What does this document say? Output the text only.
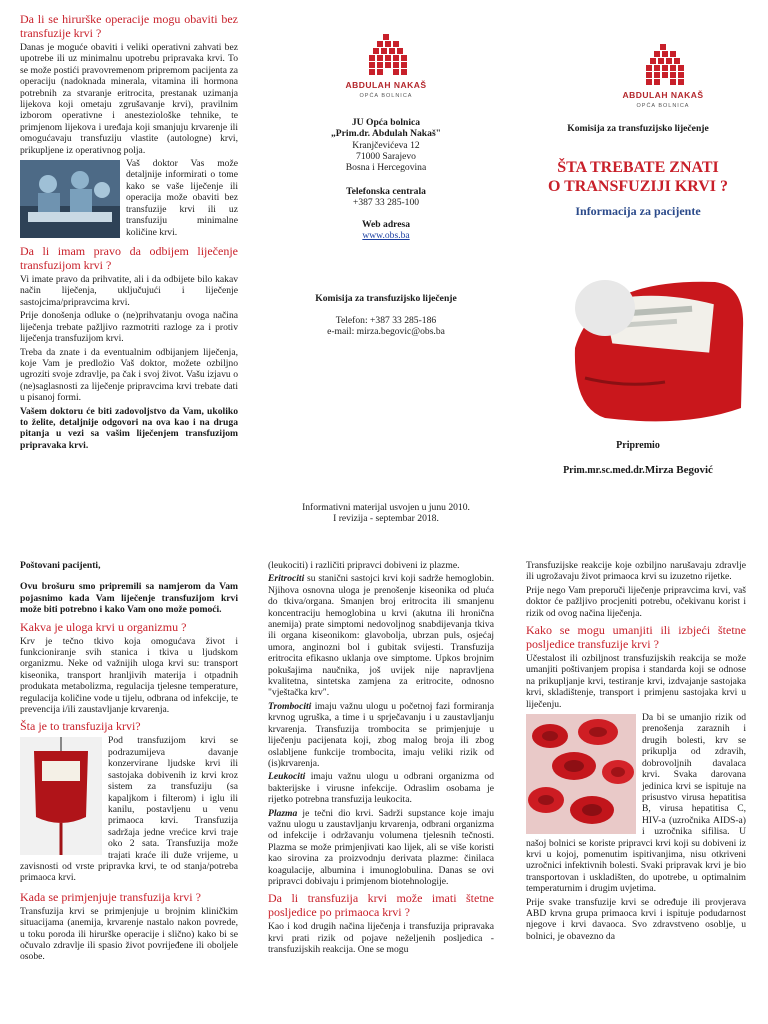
Da li se hirurške operacije mogu obaviti bez transfuzije krvi ?

Danas je moguće obaviti i veliki operativni zahvati bez upotrebe ili uz minimalnu upotrebu pripravaka krvi. To se može postići pravovremenom pripremom pacijenta za operaciju (nadoknada minerala, vitamina ili hormona potrebnih za stvaranje eritrocita, prestanak uzimanja lijekova koji ometaju zgrušavanje krvi), pravilnim izborom operativne i anesteziološke tehnike, te primjenom lijekova i uređaja koji smanjuju krvarenje ili omogućavaju transfuziju vlastite (autologne) krvi, prikupljene iz operativnog polja.

Vaš doktor Vas može detaljnije informirati o tome kako se vaše liječenje ili operacija može obaviti bez transfuzije krvi ili uz transfuziju minimalne količine krvi.

Da li imam pravo da odbijem liječenje transfuzijom krvi ?

Vi imate pravo da prihvatite, ali i da odbijete bilo kakav način liječenja, uključujući i liječenje sastojcima/pripravcima krvi.

Prije donošenja odluke o (ne)prihvatanju ovoga načina liječenja trebate pažljivo razmotriti razloge za i protiv liječenja transfuzijom krvi.

Treba da znate i da eventualnim odbijanjem liječenja, koje Vam je predložio Vaš doktor, možete ozbiljno ugroziti svoje zdravlje, pa čak i svoj život. Vašu izjavu o (ne)saglasnosti za liječenje pripravcima krvi trebate dati u pisanoj formi.

Vašem doktoru će biti zadovoljstvo da Vam, ukoliko to želite, detaljnije odgovori na ova kao i na druga pitanja u vezi sa vašim liječenjem transfuzijom pripravaka krvi.

ABDULAH NAKAŠ
OPĆA BOLNICA
JU Opća bolnica
„Prim.dr. Abdulah Nakaš"
Kranjčevićeva 12
71000 Sarajevo
Bosna i Hercegovina
Telefonska centrala
+387 33 285-100
Web adresa
www.obs.ba
Komisija za transfuzijsko liječenje
Telefon: +387 33 285-186
e-mail: mirza.begovic@obs.ba
Informativni materijal usvojen u junu 2010.
I revizija - septembar 2018.
ABDULAH NAKAŠ
OPĆA BOLNICA
Komisija za transfuzijsko liječenje
ŠTA TREBATE ZNATI
O TRANSFUZIJI KRVI ?
Informacija za pacijente
Pripremio
Prim.mr.sc.med.dr.Mirza Begović

Poštovani pacijenti,

Ovu brošuru smo pripremili sa namjerom da Vam pojasnimo kada Vam liječenje transfuzijom krvi može biti potrebno i kako Vam ono može pomoći.

Kakva je uloga krvi u organizmu ?

Krv je tečno tkivo koja omogućava život i funkcioniranje svih stanica i tkiva u ljudskom organizmu. Neke od važnijih uloga krvi su: transport kiseonika, transport hranljivih materija i otpadnih produkata metabolizma, regulacija tjelesne temperature, regulacija količine vode u tijelu, odbrana od infekcije, te prevencija i/ili zaustavljanje krvarenja.

Šta je to transfuzija krvi?

Pod transfuzijom krvi se podrazumijeva davanje konzervirane ljudske krvi ili sastojaka dobivenih iz krvi kroz sistem za transfuziju (sa kapaljkom i filterom) i iglu ili kanilu, postavljenu u venu primaoca krvi. Transfuzija sadržaja jedne vrećice krvi traje oko 2 sata. Transfuzija može trajati kraće ili duže vrijeme, u zavisnosti od vrste pripravka krvi, te od stanja/potreba primaoca krvi.

Kada se primjenjuje transfuzija krvi ?

Transfuzija krvi se primjenjuje u brojnim kliničkim situacijama (anemija, krvarenje nastalo nakon povrede, u toku poroda ili hirurške operacije i slično) kako bi se očuvalo zdravlje ili spasio život povrijeđene ili oboljele osobe.

(leukociti) i različiti pripravci dobiveni iz plazme.

Eritrociti su stanični sastojci krvi koji sadrže hemoglobin. Njihova osnovna uloga je prenošenje kiseonika od pluća do tkiva/organa. Smanjen broj eritrocita ili smanjenu koncentraciju hemoglobina u krvi (akutna ili hronična anemija) prate simptomi nedovoljnog snabdijevanja tkiva ili organa kiseonikom: glavobolja, ubrzan puls, osjećaj umora, anginozni bol i gubitak svijesti. Transfuzija eritrocita efikasno uklanja ove simptome. Upkos brojnim pokušajima naučnika, još uvijek nije napravljena kvalitetna, sintetska zamjena za eritrocite, odnosno "vještačka krv".

Trombociti imaju važnu ulogu u početnoj fazi formiranja krvnog ugruška, a time i u sprječavanju i u zaustavljanju krvarenja. Transfuzija trombocita se primjenjuje u liječenju pacijenata koji, zbog malog broja ili zbog oslabljene funkcije trombocita, imaju veliki rizik od (is)krvarenja.

Leukociti imaju važnu ulogu u odbrani organizma od bakterijske i virusne infekcije. Odraslim osobama je rijetko potrebna transfuzija leukocita.

Plazma je tečni dio krvi. Sadrži supstance koje imaju važnu ulogu u zaustavljanju krvarenja, odbrani organizma od infekcije i održavanju volumena tjelesnih tečnosti. Plazma se može primjenjivati kao lijek, ali se više koristi kao sirovina za proizvodnju derivata plazme: činilaca koagulacije, albumina i imunoglobulina. Danas se ovi pripravci dobivaju i primjenom biotehnologije.

Da li transfuzija krvi može imati štetne posljedice po primaoca krvi ?

Kao i kod drugih načina liječenja i transfuzija pripravaka krvi prati rizik od pojave neželjenih posljedica - transfuzijskih reakcija. One se mogu

Transfuzijske reakcije koje ozbiljno narušavaju zdravlje ili ugrožavaju život primaoca krvi su izuzetno rijetke.

Prije nego Vam preporuči liječenje pripravcima krvi, vaš doktor će pažljivo procjeniti potrebu, očekivanu korist i rizik od ovog načina liječenja.

Kako se mogu umanjiti ili izbjeći štetne posljedice transfuzije krvi ?

Učestalost ili ozbiljnost transfuzijskih reakcija se može umanjiti poštivanjem propisa i standarda koji se odnose na prikupljanje krvi, testiranje krvi, izdvajanje sastojaka krvi, skladištenje, transport i primjenu sastojaka krvi u liječenju.

Da bi se umanjio rizik od prenošenja zaraznih i drugih bolesti, krv se prikuplja od zdravih, dobrovoljnih davalaca krvi. Svaka darovana jedinica krvi se ispituje na prisustvo virusa hepatitisa B, virusa hepatitisa C, HIV-a (uzročnika AIDS-a) i uzročnika sifilisa. U našoj bolnici se koriste pripravci krvi koji su dobiveni iz krvi u kojoj, pomenutim ispitivanjima, nisu otkriveni uzročnici infektivnih bolesti. Svaki pripravak krvi je bio transportovan i uskladišten, do upotrebe, u optimalnim temperaturnim i drugim uvjetima.

Prije svake transfuzije krvi se određuje ili provjerava ABD krvna grupa primaoca krvi i ispituje podudarnost njegove i krvi davaoca. Svo zdravstveno osoblje, u bolnici, je obavezno da
